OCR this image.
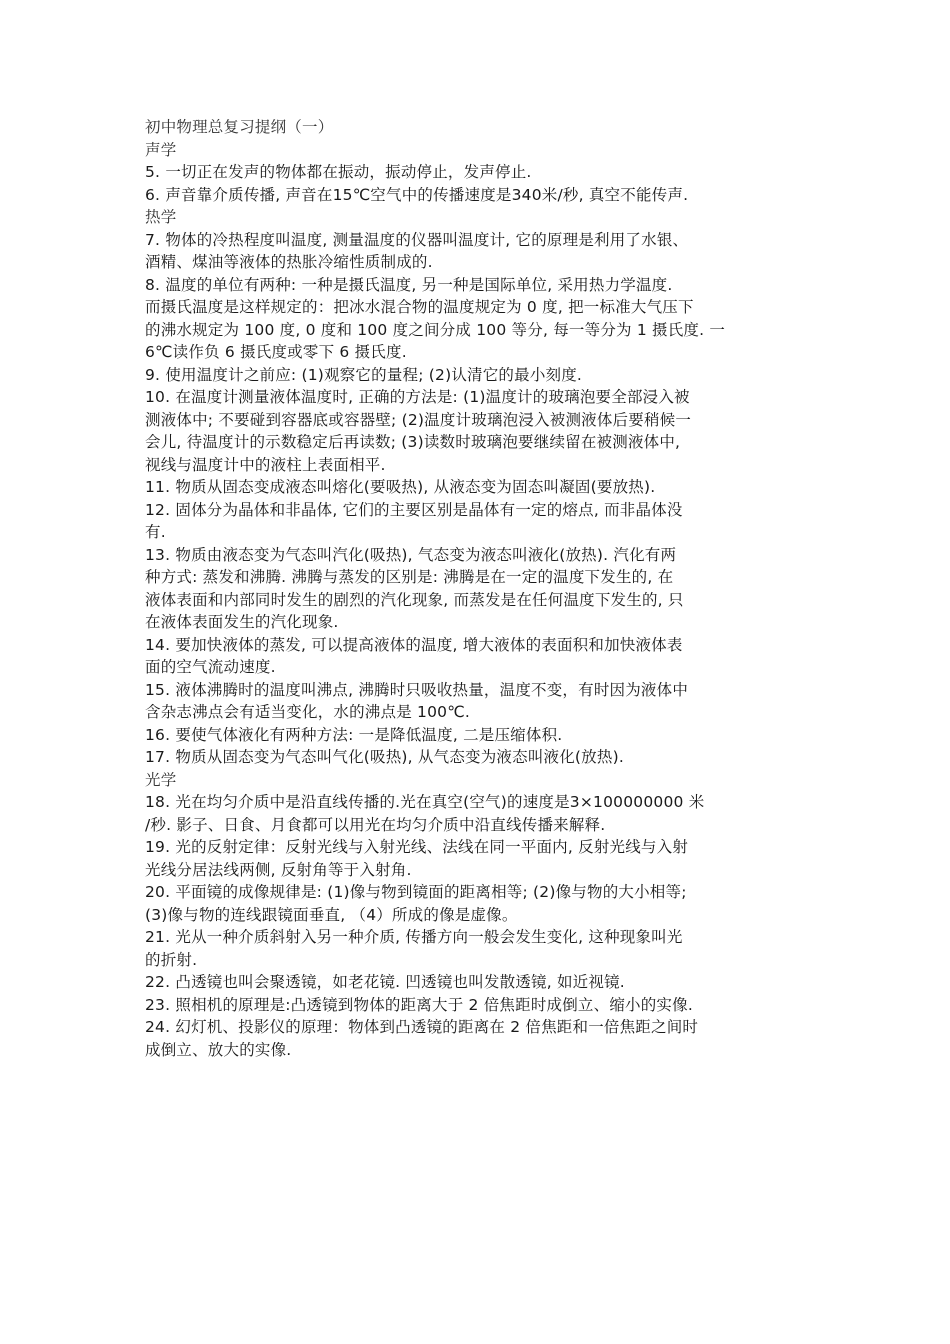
初中物理总复习提纲（一）
声学
5. 一切正在发声的物体都在振动，振动停止，发声停止.
6. 声音靠介质传播, 声音在15℃空气中的传播速度是340米/秒, 真空不能传声.
热学
7. 物体的冷热程度叫温度, 测量温度的仪器叫温度计, 它的原理是利用了水银、
酒精、煤油等液体的热胀冷缩性质制成的.
8. 温度的单位有两种: 一种是摄氏温度, 另一种是国际单位, 采用热力学温度.
而摄氏温度是这样规定的：把冰水混合物的温度规定为 0 度, 把一标准大气压下
的沸水规定为 100 度, 0 度和 100 度之间分成 100 等分, 每一等分为 1 摄氏度. 一
6℃读作负 6 摄氏度或零下 6 摄氏度.
9. 使用温度计之前应: (1)观察它的量程; (2)认清它的最小刻度.
10. 在温度计测量液体温度时, 正确的方法是: (1)温度计的玻璃泡要全部浸入被
测液体中; 不要碰到容器底或容器壁; (2)温度计玻璃泡浸入被测液体后要稍候一
会儿, 待温度计的示数稳定后再读数; (3)读数时玻璃泡要继续留在被测液体中,
视线与温度计中的液柱上表面相平.
11. 物质从固态变成液态叫熔化(要吸热), 从液态变为固态叫凝固(要放热).
12. 固体分为晶体和非晶体, 它们的主要区别是晶体有一定的熔点, 而非晶体没
有.
13. 物质由液态变为气态叫汽化(吸热), 气态变为液态叫液化(放热). 汽化有两
种方式: 蒸发和沸腾. 沸腾与蒸发的区别是: 沸腾是在一定的温度下发生的, 在
液体表面和内部同时发生的剧烈的汽化现象, 而蒸发是在任何温度下发生的, 只
在液体表面发生的汽化现象.
14. 要加快液体的蒸发, 可以提高液体的温度, 增大液体的表面积和加快液体表
面的空气流动速度.
15. 液体沸腾时的温度叫沸点, 沸腾时只吸收热量，温度不变，有时因为液体中
含杂志沸点会有适当变化，水的沸点是 100℃.
16. 要使气体液化有两种方法: 一是降低温度, 二是压缩体积.
17. 物质从固态变为气态叫气化(吸热), 从气态变为液态叫液化(放热).
光学
18. 光在均匀介质中是沿直线传播的.光在真空(空气)的速度是3×100000000 米
/秒. 影子、日食、月食都可以用光在均匀介质中沿直线传播来解释.
19. 光的反射定律：反射光线与入射光线、法线在同一平面内, 反射光线与入射
光线分居法线两侧, 反射角等于入射角.
20. 平面镜的成像规律是: (1)像与物到镜面的距离相等; (2)像与物的大小相等;
(3)像与物的连线跟镜面垂直, （4）所成的像是虚像。
21. 光从一种介质斜射入另一种介质, 传播方向一般会发生变化, 这种现象叫光
的折射.
22. 凸透镜也叫会聚透镜，如老花镜. 凹透镜也叫发散透镜, 如近视镜.
23. 照相机的原理是:凸透镜到物体的距离大于 2 倍焦距时成倒立、缩小的实像.
24. 幻灯机、投影仪的原理：物体到凸透镜的距离在 2 倍焦距和一倍焦距之间时
成倒立、放大的实像.
